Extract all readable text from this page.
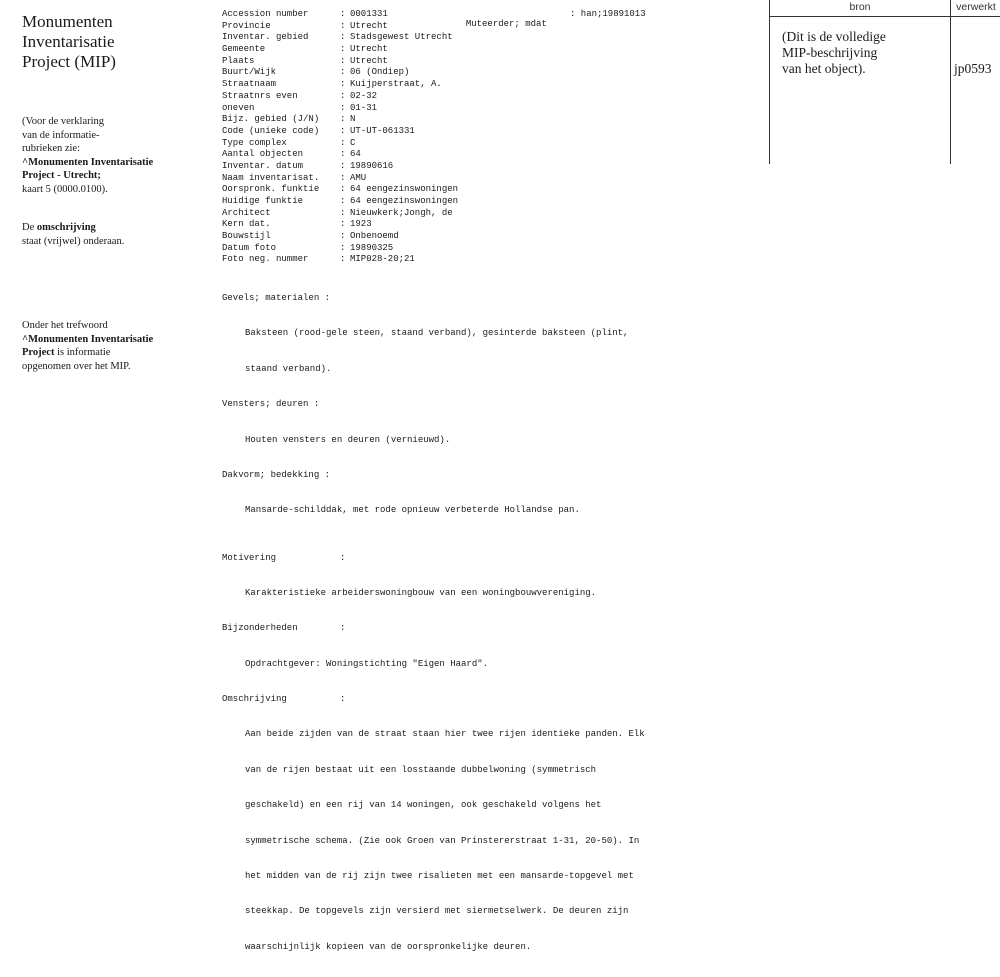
Monumenten
Inventarisatie
Project (MIP)
(Voor de verklaring
van de informatie-
rubrieken zie:
^Monumenten Inventarisatie
Project - Utrecht;
kaart 5 (0000.0100).
De omschrijving
staat (vrijwel) onderaan.
Onder het trefwoord
^Monumenten Inventarisatie
Project is informatie
opgenomen over het MIP.
bron	verwerkt
(Dit is de volledige
MIP-beschrijving
van het object).	jp0593
Accession number	: 0001331
Provincie	: Utrecht
Inventar. gebied	: Stadsgewest Utrecht
Gemeente	: Utrecht
Plaats	: Utrecht
Buurt/Wijk	: 06 (Ondiep)
Straatnaam	: Kuijperstraat, A.
Straatnrs even	: 02-32
oneven	: 01-31
Bijz. gebied (J/N) : N
Code (unieke code) : UT-UT-061331
Type complex	: C
Aantal objecten	: 64
Inventar. datum	: 19890616
Naam inventarisat. : AMU
Oorspronk. funktie : 64 eengezinswoningen
Huidige funktie	: 64 eengezinswoningen
Architect	: Nieuwkerk;Jongh, de
Kern dat.	: 1923
Bouwstijl	: Onbenoemd
Datum foto	: 19890325
Foto neg. nummer	: MIP028-20;21

Muteerder; mdat

: han;19891013

Gevels; materialen :

Baksteen (rood-gele steen, staand verband), gesinterde baksteen (plint,

staand verband).

Vensters; deuren :

Houten vensters en deuren (vernieuwd).

Dakvorm; bedekking :

Mansarde-schilddak, met rode opnieuw verbeterde Hollandse pan.

Motivering	:

Karakteristieke arbeiderswoningbouw van een woningbouwvereniging.

Bijzonderheden	:

Opdrachtgever: Woningstichting "Eigen Haard".

Omschrijving	:

Aan beide zijden van de straat staan hier twee rijen identieke panden. Elk

van de rijen bestaat uit een losstaande dubbelwoning (symmetrisch

geschakeld) en een rij van 14 woningen, ook geschakeld volgens het

symmetrische schema. (Zie ook Groen van Prinstererstraat 1-31, 20-50). In

het midden van de rij zijn twee risalieten met een mansarde-topgevel met

steekkap. De topgevels zijn versierd met siermetselwerk. De deuren zijn

waarschijnlijk kopieen van de oorspronkelijke deuren.
